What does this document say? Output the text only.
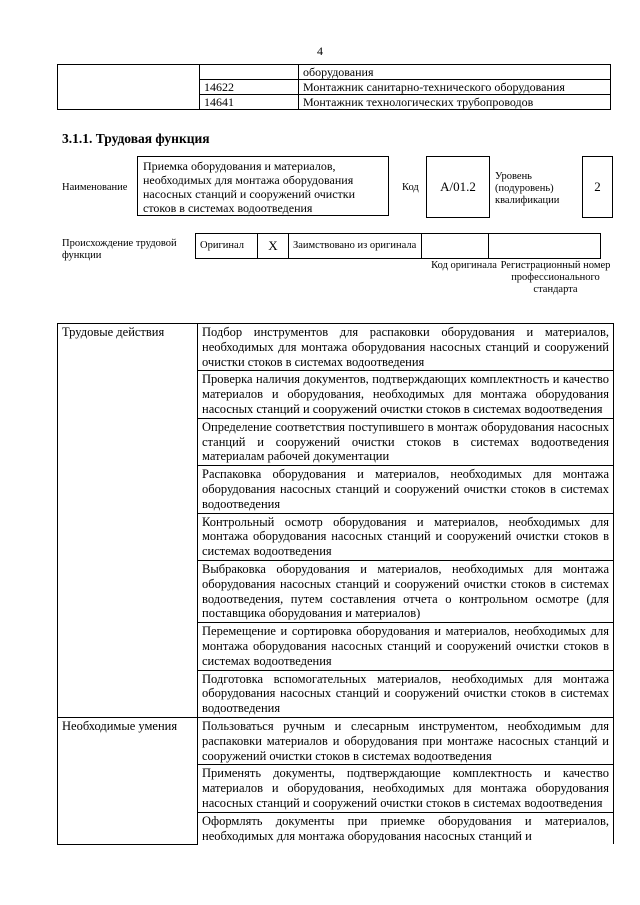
4
		оборудования
	14622	Монтажник санитарно-технического оборудования
	14641	Монтажник технологических трубопроводов
3.1.1. Трудовая функция
Наименование
Приемка оборудования и материалов, необходимых для монтажа оборудования насосных станций и сооружений очистки стоков в системах водоотведения
Код	A/01.2
Уровень (подуровень) квалификации
2
Происхождение трудовой функции
Оригинал	X	Заимствовано из оригинала		
Код оригинала Регистрационный номер профессионального стандарта
Трудовые действия	Подбор инструментов для распаковки оборудования и материалов, необходимых для монтажа оборудования насосных станций и сооружений очистки стоков в системах водоотведения
	Проверка наличия документов, подтверждающих комплектность и качество материалов и оборудования, необходимых для монтажа оборудования насосных станций и сооружений очистки стоков в системах водоотведения
	Определение соответствия поступившего в монтаж оборудования насосных станций и сооружений очистки стоков в системах водоотведения материалам рабочей документации
	Распаковка оборудования и материалов, необходимых для монтажа оборудования насосных станций и сооружений очистки стоков в системах водоотведения
	Контрольный осмотр оборудования и материалов, необходимых для монтажа оборудования насосных станций и сооружений очистки стоков в системах водоотведения
	Выбраковка оборудования и материалов, необходимых для монтажа оборудования насосных станций и сооружений очистки стоков в системах водоотведения, путем составления отчета о контрольном осмотре (для поставщика оборудования и материалов)
	Перемещение и сортировка оборудования и материалов, необходимых для монтажа оборудования насосных станций и сооружений очистки стоков в системах водоотведения
	Подготовка вспомогательных материалов, необходимых для монтажа оборудования насосных станций и сооружений очистки стоков в системах водоотведения
Необходимые умения	Пользоваться ручным и слесарным инструментом, необходимым для распаковки материалов и оборудования при монтаже насосных станций и сооружений очистки стоков в системах водоотведения
	Применять документы, подтверждающие комплектность и качество материалов и оборудования, необходимых для монтажа оборудования насосных станций и сооружений очистки стоков в системах водоотведения
	Оформлять документы при приемке оборудования и материалов, необходимых для монтажа оборудования насосных станций и
